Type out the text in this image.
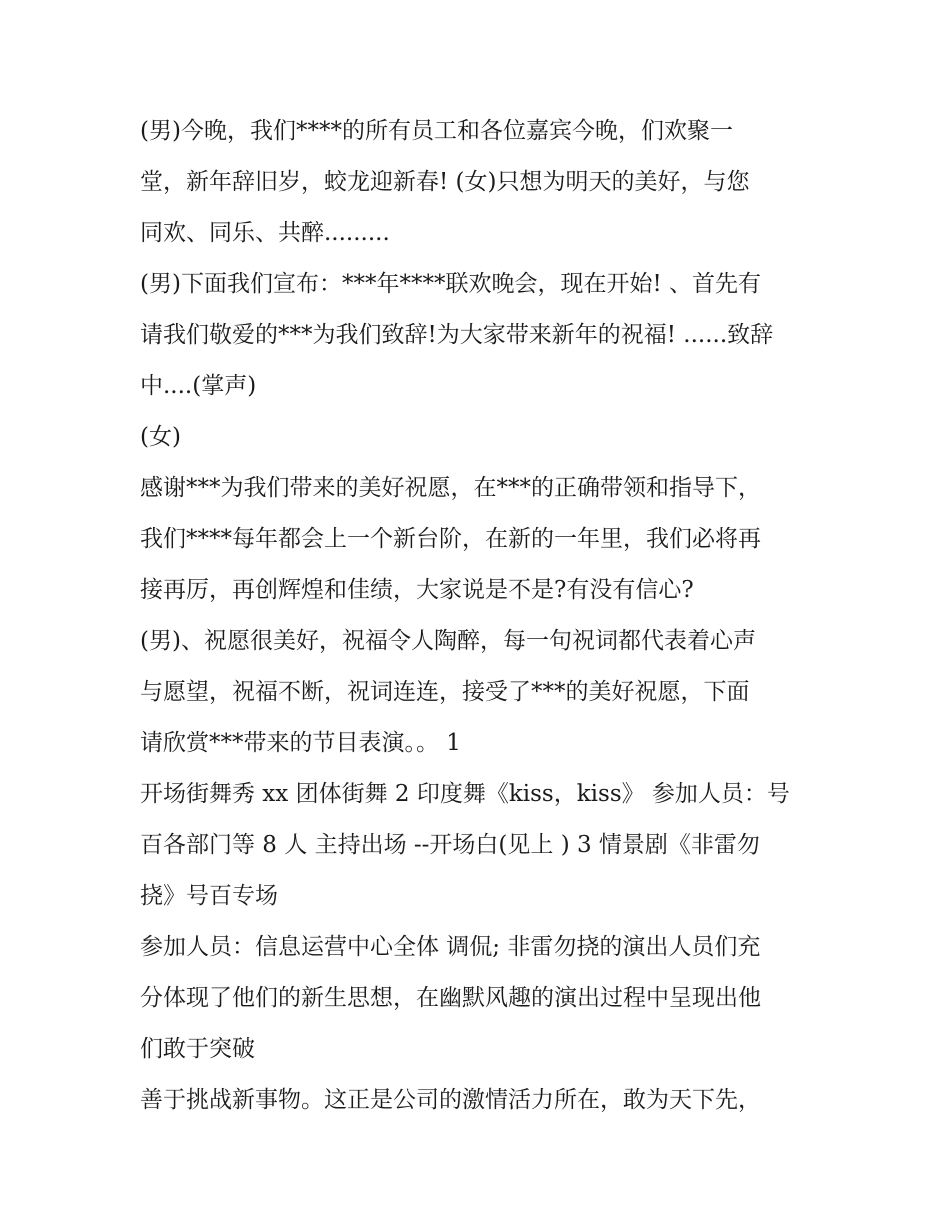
(男)今晚，我们****的所有员工和各位嘉宾今晚，们欢聚一
堂，新年辞旧岁，蛟龙迎新春! (女)只想为明天的美好，与您
同欢、同乐、共醉.........
(男)下面我们宣布：***年****联欢晚会，现在开始! 、首先有
请我们敬爱的***为我们致辞!为大家带来新年的祝福! ......致辞
中....(掌声)
(女)
感谢***为我们带来的美好祝愿，在***的正确带领和指导下，
我们****每年都会上一个新台阶，在新的一年里，我们必将再
接再厉，再创辉煌和佳绩，大家说是不是?有没有信心?
(男)、祝愿很美好，祝福令人陶醉，每一句祝词都代表着心声
与愿望，祝福不断，祝词连连，接受了***的美好祝愿，下面
请欣赏***带来的节目表演。。 1
开场街舞秀 xx 团体街舞 2 印度舞《kiss，kiss》 参加人员：号
百各部门等 8 人 主持出场 --开场白(见上 ) 3 情景剧《非雷勿
挠》号百专场
参加人员：信息运营中心全体 调侃; 非雷勿挠的演出人员们充
分体现了他们的新生思想，在幽默风趣的演出过程中呈现出他
们敢于突破
善于挑战新事物。这正是公司的激情活力所在，敢为天下先，
